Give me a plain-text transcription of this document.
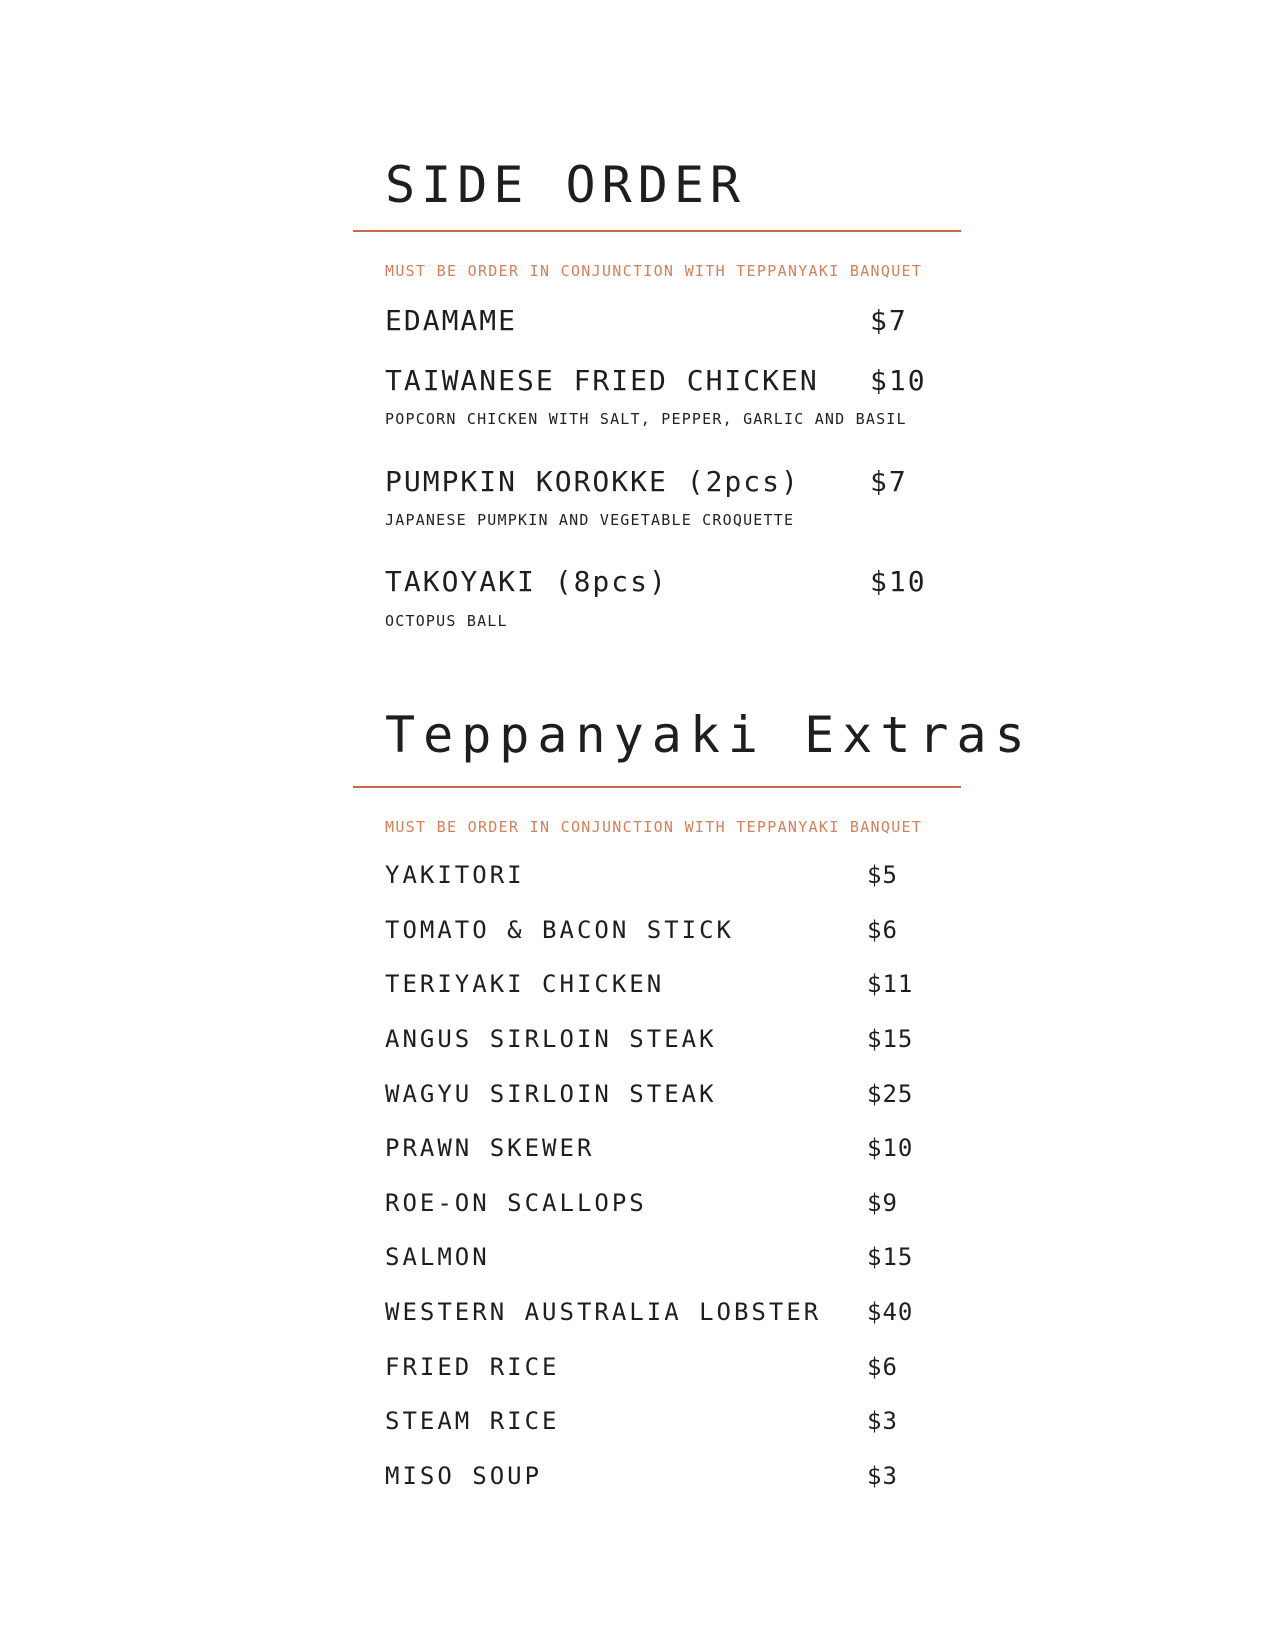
SIDE ORDER
MUST BE ORDER IN CONJUNCTION WITH TEPPANYAKI BANQUET
EDAMAME	$7
TAIWANESE FRIED CHICKEN $10
POPCORN CHICKEN WITH SALT, PEPPER, GARLIC AND BASIL
PUMPKIN KOROKKE (2pcs)	$7
JAPANESE PUMPKIN AND VEGETABLE CROQUETTE
TAKOYAKI (8pcs)	$10
OCTOPUS BALL
Teppanyaki Extras
MUST BE ORDER IN CONJUNCTION WITH TEPPANYAKI BANQUET
YAKITORI	$5
TOMATO & BACON STICK	$6
TERIYAKI CHICKEN	$11
ANGUS SIRLOIN STEAK	$15
WAGYU SIRLOIN STEAK	$25
PRAWN SKEWER	$10
ROE-ON SCALLOPS	$9
SALMON	$15
WESTERN AUSTRALIA LOBSTER $40
FRIED RICE	$6
STEAM RICE	$3
MISO SOUP	$3
